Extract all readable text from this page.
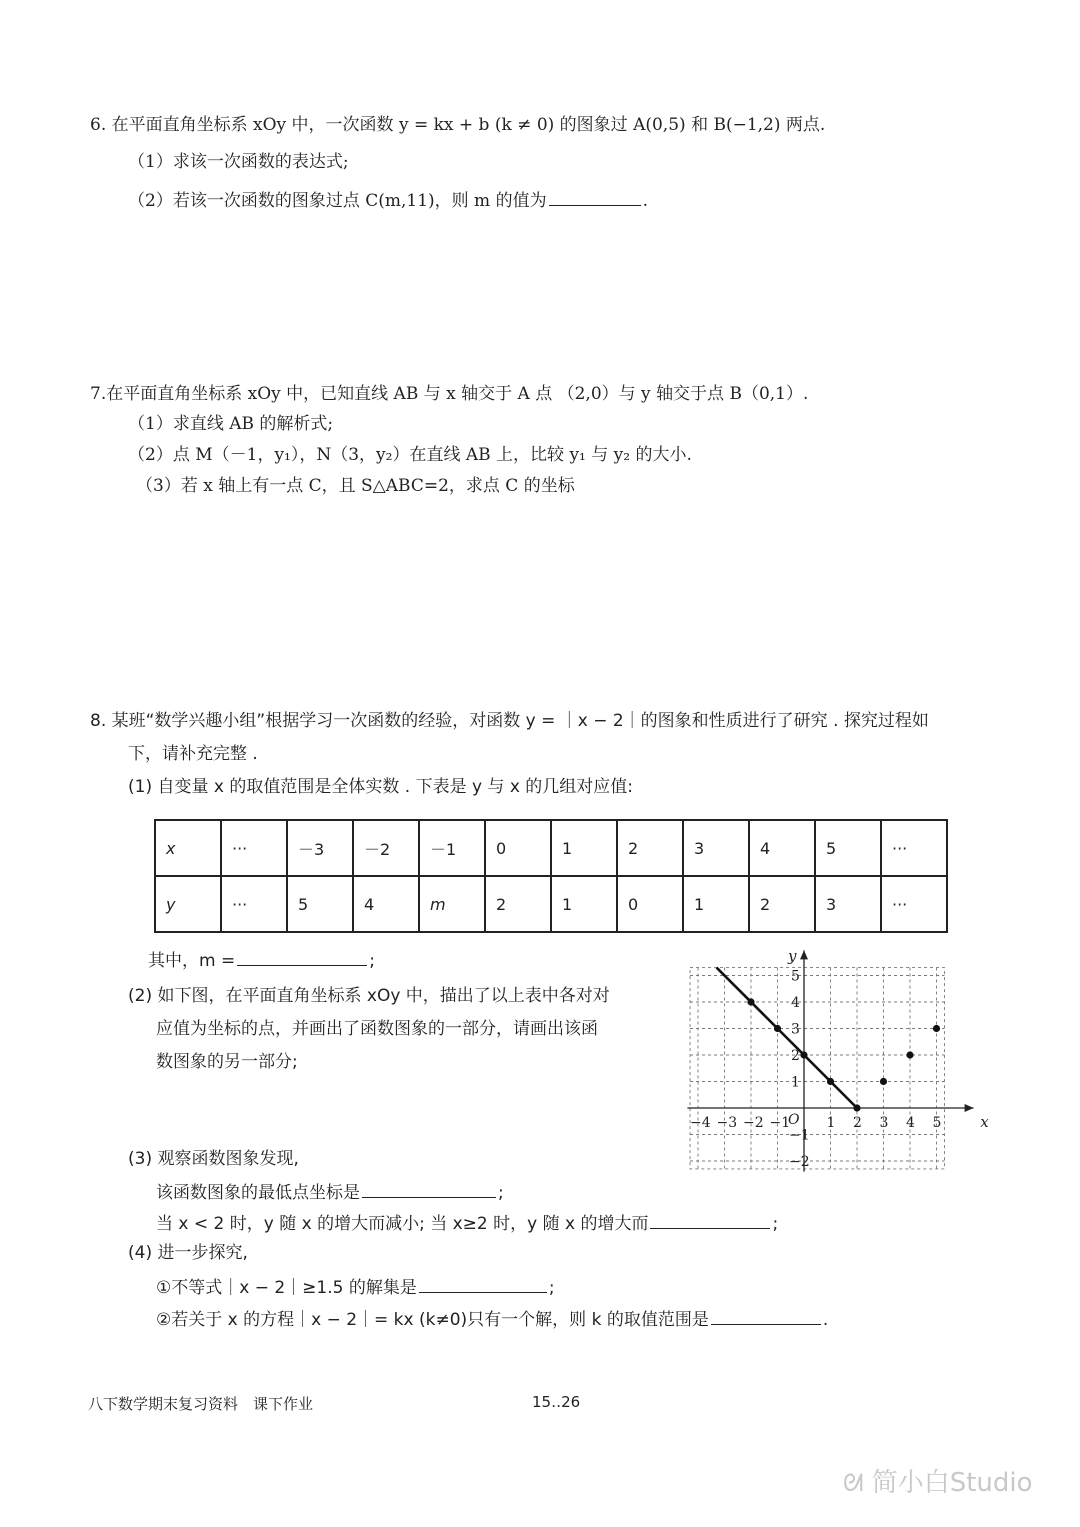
6. 在平面直角坐标系 xOy 中，一次函数 y = kx + b (k ≠ 0) 的图象过 A(0,5) 和 B(−1,2) 两点.
（1）求该一次函数的表达式;
（2）若该一次函数的图象过点 C(m,11)，则 m 的值为	.
7.在平面直角坐标系 xOy 中，已知直线 AB 与 x 轴交于 A 点 （2,0）与 y 轴交于点 B（0,1）.
（1）求直线 AB 的解析式;
（2）点 M（－1，y₁），N（3，y₂）在直线 AB 上，比较 y₁ 与 y₂ 的大小.
（3）若 x 轴上有一点 C，且 S△ABC=2，求点 C 的坐标
8. 某班“数学兴趣小组”根据学习一次函数的经验，对函数 y = ｜x − 2｜的图象和性质进行了研究 . 探究过程如
下，请补充完整 .
(1) 自变量 x 的取值范围是全体实数 . 下表是 y 与 x 的几组对应值:
x	···	－3	－2	－1	0	1	2	3	4	5	···
y	···	5	4	m	2	1	0	1	2	3	···
其中，m =	;
(2) 如下图，在平面直角坐标系 xOy 中，描出了以上表中各对对
应值为坐标的点，并画出了函数图象的一部分，请画出该函
数图象的另一部分;
(3) 观察函数图象发现,
该函数图象的最低点坐标是	;
当 x < 2 时，y 随 x 的增大而减小; 当 x≥2 时，y 随 x 的增大而	;
(4) 进一步探究,
①不等式｜x − 2｜≥1.5 的解集是	;
②若关于 x 的方程｜x − 2｜= kx (k≠0)只有一个解，则 k 的取值范围是	.
x
y
O
−4 −3 −2 −1	1 2 3 4 5
5
4
3
2
1
−1
−2
八下数学期末复习资料　课下作业	15‥26
ᘛ 简小白Studio
